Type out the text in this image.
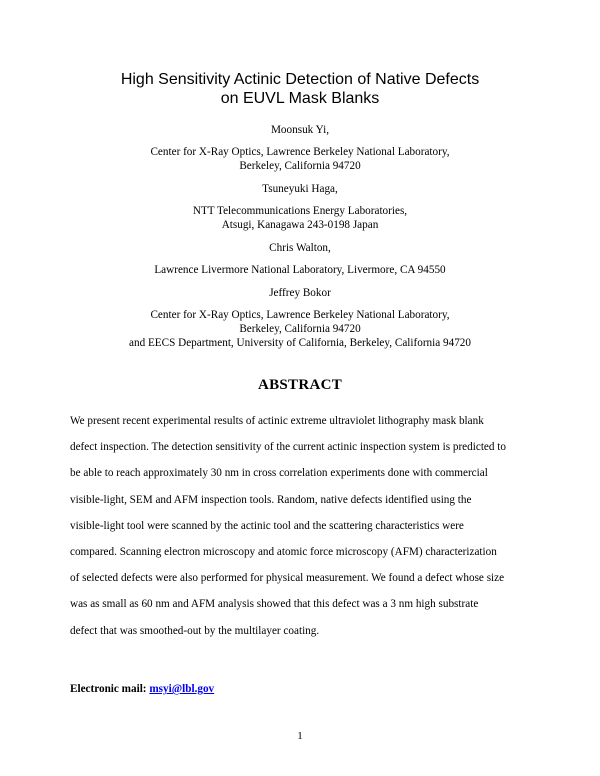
High Sensitivity Actinic Detection of Native Defects
on EUVL Mask Blanks
Moonsuk Yi,
Center for X-Ray Optics, Lawrence Berkeley National Laboratory,
Berkeley, California 94720
Tsuneyuki Haga,
NTT Telecommunications Energy Laboratories,
Atsugi, Kanagawa 243-0198 Japan
Chris Walton,
Lawrence Livermore National Laboratory, Livermore, CA 94550
Jeffrey Bokor
Center for X-Ray Optics, Lawrence Berkeley National Laboratory,
Berkeley, California 94720
and EECS Department, University of California, Berkeley, California 94720
ABSTRACT
We present recent experimental results of actinic extreme ultraviolet lithography mask blank
defect inspection. The detection sensitivity of the current actinic inspection system is predicted to
be able to reach approximately 30 nm in cross correlation experiments done with commercial
visible-light, SEM and AFM inspection tools. Random, native defects identified using the
visible-light tool were scanned by the actinic tool and the scattering characteristics were
compared. Scanning electron microscopy and atomic force microscopy (AFM) characterization
of selected defects were also performed for physical measurement. We found a defect whose size
was as small as 60 nm and AFM analysis showed that this defect was a 3 nm high substrate
defect that was smoothed-out by the multilayer coating.
Electronic mail: msyi@lbl.gov
1
